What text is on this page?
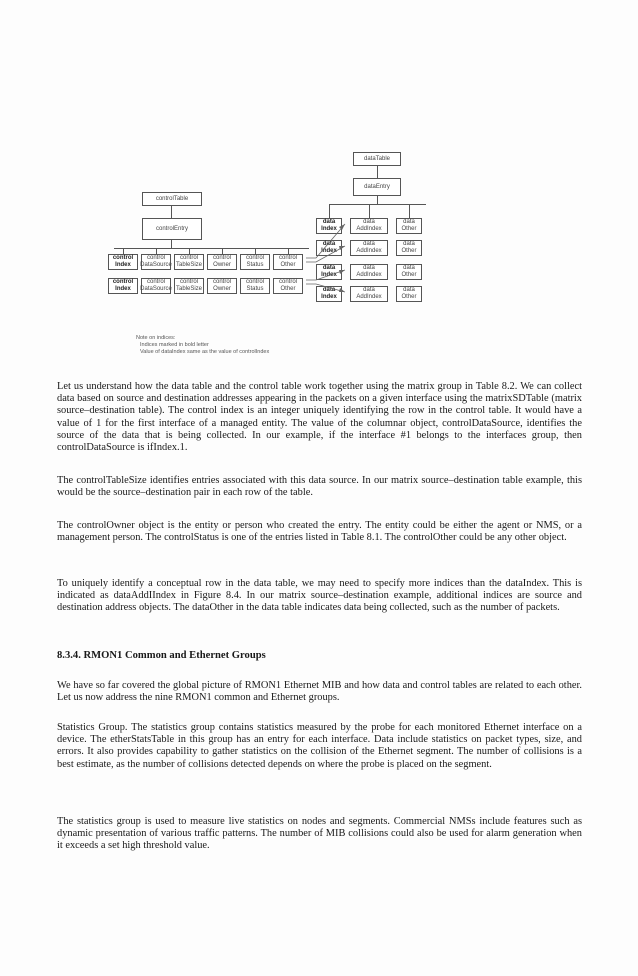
controlTable
controlEntry
control
Index
control
DataSource
control
TableSize
control
Owner
control
Status
control
Other
control
Index
control
DataSource
control
TableSize
control
Owner
control
Status
control
Other
dataTable
dataEntry
data
Index
data
AddIndex
data
Other
data
Index
data
AddIndex
data
Other
data
Index
data
AddIndex
data
Other
data
Index
data
AddIndex
data
Other
Note on indices:
Indices marked in bold letter
Value of dataIndex same as the value of controlIndex

Let us understand how the data table and the control table work together using the matrix group in Table 8.2. We can collect data based on source and destination addresses appearing in the packets on a given interface using the matrixSDTable (matrix source–destination table). The control index is an integer uniquely identifying the row in the control table. It would have a value of 1 for the first interface of a managed entity. The value of the columnar object, controlDataSource, identifies the source of the data that is being collected. In our example, if the interface #1 belongs to the interfaces group, then controlDataSource is ifIndex.1.

The controlTableSize identifies entries associated with this data source. In our matrix source–destination table example, this would be the source–destination pair in each row of the table.

The controlOwner object is the entity or person who created the entry. The entity could be either the agent or NMS, or a management person. The controlStatus is one of the entries listed in Table 8.1. The controlOther could be any other object.

To uniquely identify a conceptual row in the data table, we may need to specify more indices than the dataIndex. This is indicated as dataAddIIndex in Figure 8.4. In our matrix source–destination example, additional indices are source and destination address objects. The dataOther in the data table indicates data being collected, such as the number of packets.

8.3.4. RMON1 Common and Ethernet Groups

We have so far covered the global picture of RMON1 Ethernet MIB and how data and control tables are related to each other. Let us now address the nine RMON1 common and Ethernet groups.

Statistics Group. The statistics group contains statistics measured by the probe for each monitored Ethernet interface on a device. The etherStatsTable in this group has an entry for each interface. Data include statistics on packet types, size, and errors. It also provides capability to gather statistics on the collision of the Ethernet segment. The number of collisions is a best estimate, as the number of collisions detected depends on where the probe is placed on the segment.

The statistics group is used to measure live statistics on nodes and segments. Commercial NMSs include features such as dynamic presentation of various traffic patterns. The number of MIB collisions could also be used for alarm generation when it exceeds a set high threshold value.
